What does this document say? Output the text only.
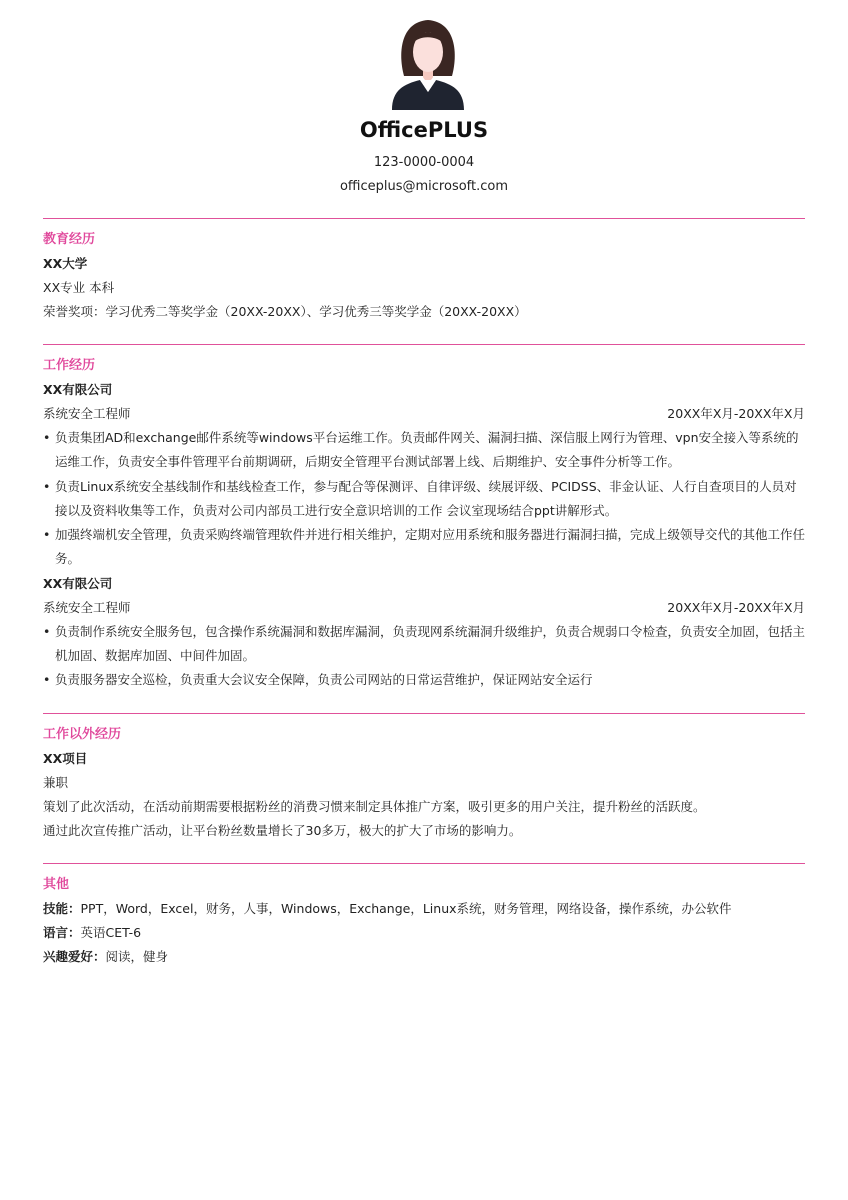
OfficePLUS
123-0000-0004
officeplus@microsoft.com
教育经历
XX大学
XX专业 本科
荣誉奖项：学习优秀二等奖学金（20XX-20XX）、学习优秀三等奖学金（20XX-20XX）
工作经历
XX有限公司
系统安全工程师	20XX年X月-20XX年X月
• 负责集团AD和exchange邮件系统等windows平台运维工作。负责邮件网关、漏洞扫描、深信服上网行为管理、vpn安全接入等系统的运维工作，负责安全事件管理平台前期调研，后期安全管理平台测试部署上线、后期维护、安全事件分析等工作。
• 负责Linux系统安全基线制作和基线检查工作，参与配合等保测评、自律评级、续展评级、PCIDSS、非金认证、人行自查项目的人员对接以及资料收集等工作，负责对公司内部员工进行安全意识培训的工作 会议室现场结合ppt讲解形式。
• 加强终端机安全管理，负责采购终端管理软件并进行相关维护，定期对应用系统和服务器进行漏洞扫描，完成上级领导交代的其他工作任务。
XX有限公司
系统安全工程师	20XX年X月-20XX年X月
• 负责制作系统安全服务包，包含操作系统漏洞和数据库漏洞，负责现网系统漏洞升级维护，负责合规弱口令检查，负责安全加固，包括主机加固、数据库加固、中间件加固。
• 负责服务器安全巡检，负责重大会议安全保障，负责公司网站的日常运营维护，保证网站安全运行
工作以外经历
XX项目
兼职
策划了此次活动，在活动前期需要根据粉丝的消费习惯来制定具体推广方案，吸引更多的用户关注，提升粉丝的活跃度。
通过此次宣传推广活动，让平台粉丝数量增长了30多万，极大的扩大了市场的影响力。
其他
技能：PPT，Word，Excel，财务，人事，Windows，Exchange，Linux系统，财务管理，网络设备，操作系统，办公软件
语言：英语CET-6
兴趣爱好：阅读，健身
